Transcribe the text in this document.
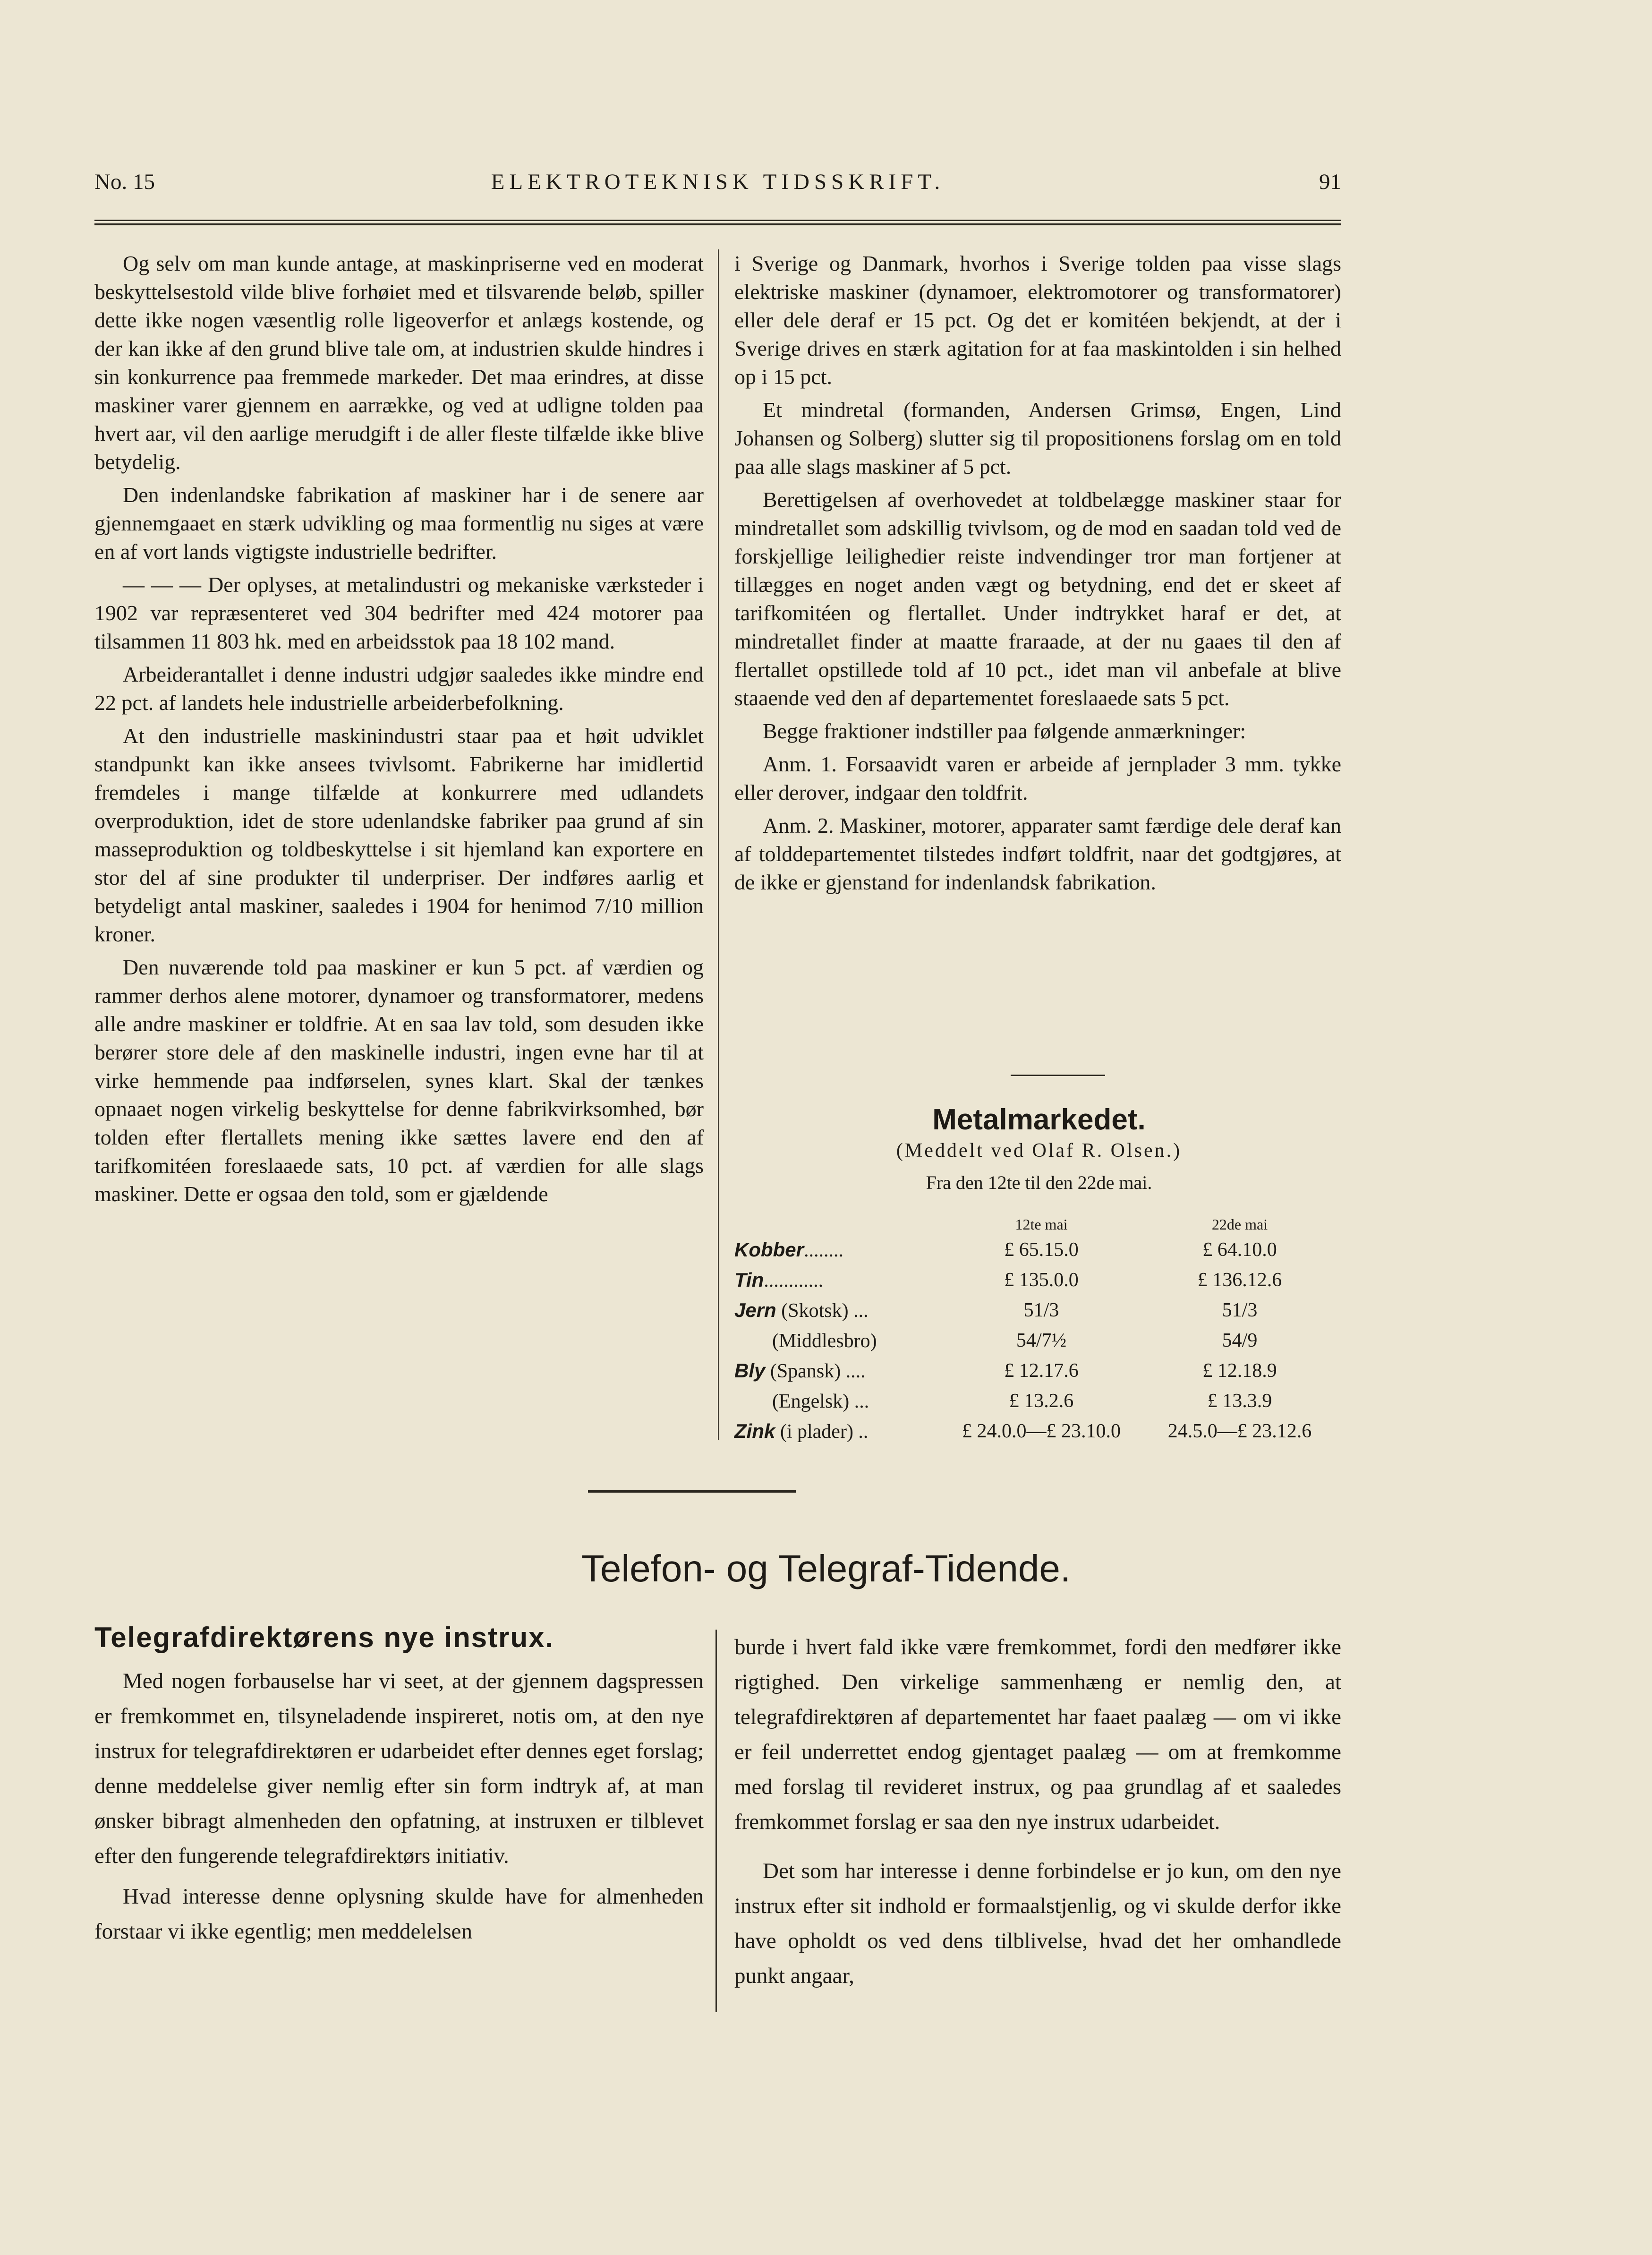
No. 15	ELEKTROTEKNISK TIDSSKRIFT.	91

Og selv om man kunde antage, at maskinpriserne ved en moderat beskyttelsestold vilde blive forhøiet med et tilsvarende beløb, spiller dette ikke nogen væsentlig rolle ligeoverfor et anlægs kostende, og der kan ikke af den grund blive tale om, at industrien skulde hindres i sin konkurrence paa fremmede markeder. Det maa erindres, at disse maskiner varer gjennem en aarrække, og ved at udligne tolden paa hvert aar, vil den aarlige merudgift i de aller fleste tilfælde ikke blive betydelig.

Den indenlandske fabrikation af maskiner har i de senere aar gjennemgaaet en stærk udvikling og maa formentlig nu siges at være en af vort lands vigtigste industrielle bedrifter.

— — — Der oplyses, at metalindustri og mekaniske værksteder i 1902 var repræsenteret ved 304 bedrifter med 424 motorer paa tilsammen 11 803 hk. med en arbeidsstok paa 18 102 mand.

Arbeiderantallet i denne industri udgjør saaledes ikke mindre end 22 pct. af landets hele industrielle arbeiderbefolkning.

At den industrielle maskinindustri staar paa et høit udviklet standpunkt kan ikke ansees tvivlsomt. Fabrikerne har imidlertid fremdeles i mange tilfælde at konkurrere med udlandets overproduktion, idet de store udenlandske fabriker paa grund af sin masseproduktion og toldbeskyttelse i sit hjemland kan exportere en stor del af sine produkter til underpriser. Der indføres aarlig et betydeligt antal maskiner, saaledes i 1904 for henimod 7/10 million kroner.

Den nuværende told paa maskiner er kun 5 pct. af værdien og rammer derhos alene motorer, dynamoer og transformatorer, medens alle andre maskiner er toldfrie. At en saa lav told, som desuden ikke berører store dele af den maskinelle industri, ingen evne har til at virke hemmende paa indførselen, synes klart. Skal der tænkes opnaaet nogen virkelig beskyttelse for denne fabrikvirksomhed, bør tolden efter flertallets mening ikke sættes lavere end den af tarifkomitéen foreslaaede sats, 10 pct. af værdien for alle slags maskiner. Dette er ogsaa den told, som er gjældende

i Sverige og Danmark, hvorhos i Sverige tolden paa visse slags elektriske maskiner (dynamoer, elektromotorer og transformatorer) eller dele deraf er 15 pct. Og det er komitéen bekjendt, at der i Sverige drives en stærk agitation for at faa maskintolden i sin helhed op i 15 pct.

Et mindretal (formanden, Andersen Grimsø, Engen, Lind Johansen og Solberg) slutter sig til propositionens forslag om en told paa alle slags maskiner af 5 pct.

Berettigelsen af overhovedet at toldbelægge maskiner staar for mindretallet som adskillig tvivlsom, og de mod en saadan told ved de forskjellige leilighedier reiste indvendinger tror man fortjener at tillægges en noget anden vægt og betydning, end det er skeet af tarifkomitéen og flertallet. Under indtrykket haraf er det, at mindretallet finder at maatte fraraade, at der nu gaaes til den af flertallet opstillede told af 10 pct., idet man vil anbefale at blive staaende ved den af departementet foreslaaede sats 5 pct.

Begge fraktioner indstiller paa følgende anmærkninger:

Anm. 1. Forsaavidt varen er arbeide af jernplader 3 mm. tykke eller derover, indgaar den toldfrit.

Anm. 2. Maskiner, motorer, apparater samt færdige dele deraf kan af tolddepartementet tilstedes indført toldfrit, naar det godtgjøres, at de ikke er gjenstand for indenlandsk fabrikation.

Metalmarkedet.
(Meddelt ved Olaf R. Olsen.)
Fra den 12te til den 22de mai.
	12te mai	22de mai
Kobber........	£ 65.15.0	£ 64.10.0
Tin............	£ 135.0.0	£ 136.12.6
Jern (Skotsk) ...	51/3	51/3
(Middlesbro)	54/7½	54/9
Bly (Spansk) ....	£ 12.17.6	£ 12.18.9
(Engelsk) ...	£ 13.2.6	£ 13.3.9
Zink (i plader) ..	£ 24.0.0—£ 23.10.0	24.5.0—£ 23.12.6
Telefon- og Telegraf-Tidende.
Telegrafdirektørens nye instrux.

Med nogen forbauselse har vi seet, at der gjennem dagspressen er fremkommet en, tilsyneladende inspireret, notis om, at den nye instrux for telegrafdirektøren er udarbeidet efter dennes eget forslag; denne meddelelse giver nemlig efter sin form indtryk af, at man ønsker bibragt almenheden den opfatning, at instruxen er tilblevet efter den fungerende telegrafdirektørs initiativ.

Hvad interesse denne oplysning skulde have for almenheden forstaar vi ikke egentlig; men meddelelsen

burde i hvert fald ikke være fremkommet, fordi den medfører ikke rigtighed. Den virkelige sammenhæng er nemlig den, at telegrafdirektøren af departementet har faaet paalæg — om vi ikke er feil underrettet endog gjentaget paalæg — om at fremkomme med forslag til revideret instrux, og paa grundlag af et saaledes fremkommet forslag er saa den nye instrux udarbeidet.

Det som har interesse i denne forbindelse er jo kun, om den nye instrux efter sit indhold er formaalstjenlig, og vi skulde derfor ikke have opholdt os ved dens tilblivelse, hvad det her omhandlede punkt angaar,
